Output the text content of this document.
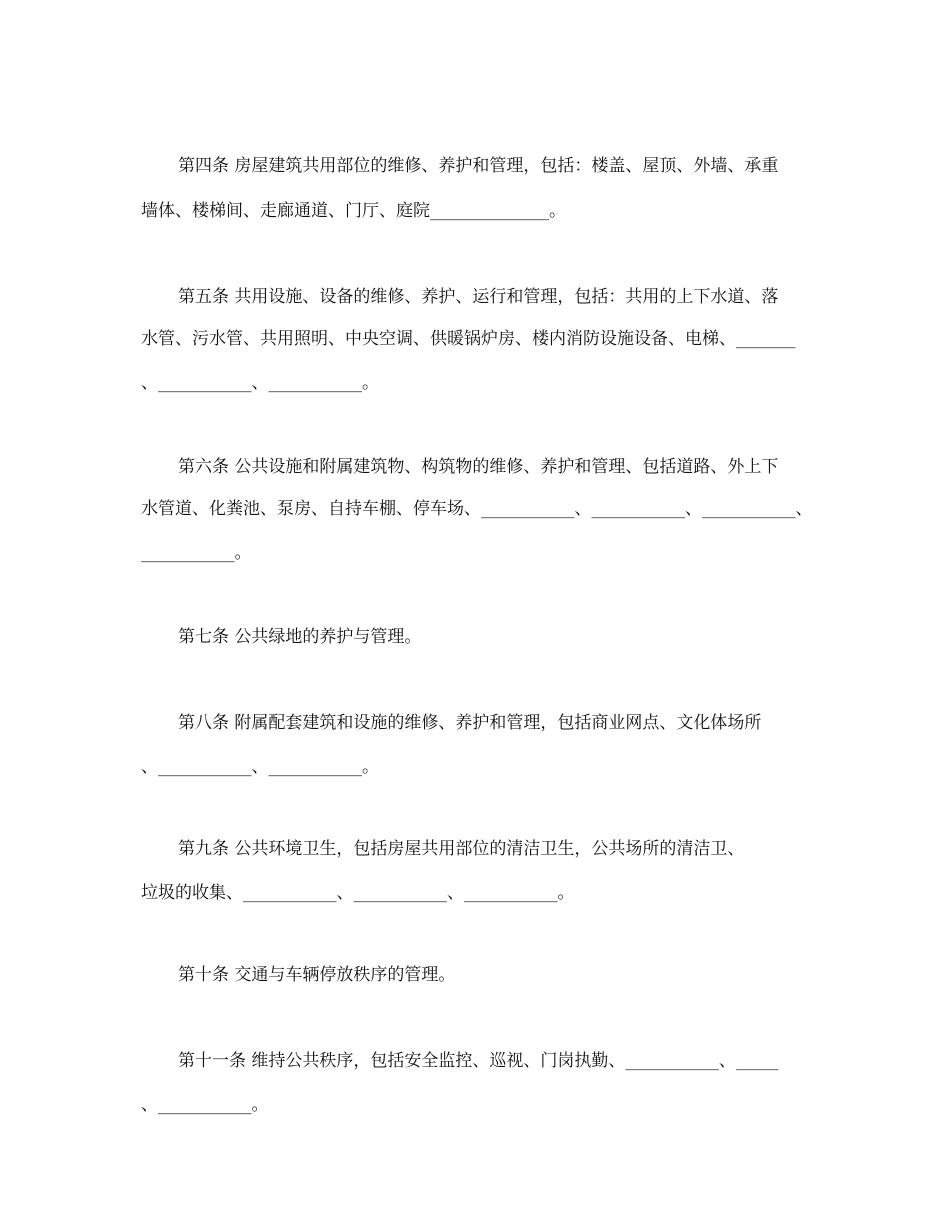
第四条 房屋建筑共用部位的维修、养护和管理，包括：楼盖、屋顶、外墙、承重
墙体、楼梯间、走廊通道、门厅、庭院______________。
第五条 共用设施、设备的维修、养护、运行和管理，包括：共用的上下水道、落
水管、污水管、共用照明、中央空调、供暖锅炉房、楼内消防设施设备、电梯、_______
、___________、___________。
第六条 公共设施和附属建筑物、构筑物的维修、养护和管理、包括道路、外上下
水管道、化粪池、泵房、自持车棚、停车场、___________、___________、___________、
___________。
第七条 公共绿地的养护与管理。
第八条 附属配套建筑和设施的维修、养护和管理，包括商业网点、文化体场所
、___________、___________。
第九条 公共环境卫生，包括房屋共用部位的清洁卫生，公共场所的清洁卫、
垃圾的收集、___________、___________、___________。
第十条 交通与车辆停放秩序的管理。
第十一条 维持公共秩序，包括安全监控、巡视、门岗执勤、___________、_____
、___________。
